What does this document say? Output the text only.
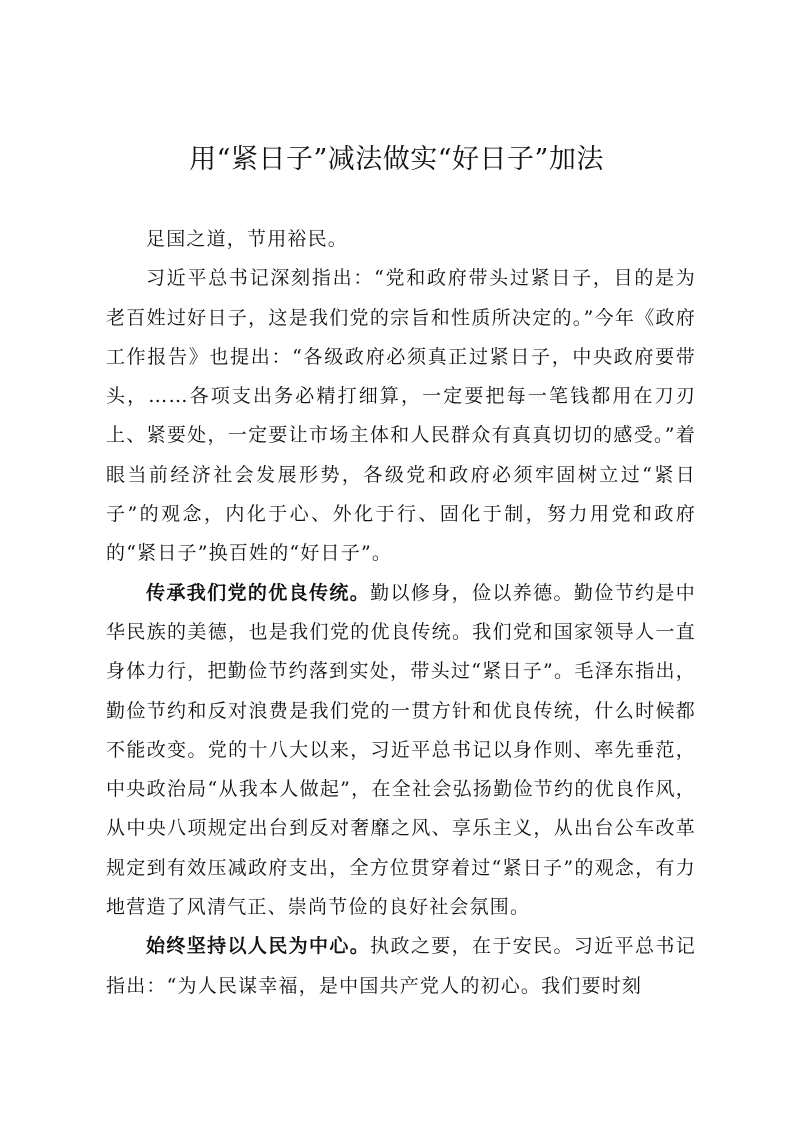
用“紧日子”减法做实“好日子”加法

足国之道，节用裕民。

习近平总书记深刻指出：“党和政府带头过紧日子，目的是为老百姓过好日子，这是我们党的宗旨和性质所决定的。”今年《政府工作报告》也提出：“各级政府必须真正过紧日子，中央政府要带头，……各项支出务必精打细算，一定要把每一笔钱都用在刀刃上、紧要处，一定要让市场主体和人民群众有真真切切的感受。”着眼当前经济社会发展形势，各级党和政府必须牢固树立过“紧日子”的观念，内化于心、外化于行、固化于制，努力用党和政府的“紧日子”换百姓的“好日子”。

传承我们党的优良传统。勤以修身，俭以养德。勤俭节约是中华民族的美德，也是我们党的优良传统。我们党和国家领导人一直身体力行，把勤俭节约落到实处，带头过“紧日子”。毛泽东指出，勤俭节约和反对浪费是我们党的一贯方针和优良传统，什么时候都不能改变。党的十八大以来，习近平总书记以身作则、率先垂范，中央政治局“从我本人做起”，在全社会弘扬勤俭节约的优良作风，从中央八项规定出台到反对奢靡之风、享乐主义，从出台公车改革规定到有效压减政府支出，全方位贯穿着过“紧日子”的观念，有力地营造了风清气正、崇尚节俭的良好社会氛围。

始终坚持以人民为中心。执政之要，在于安民。习近平总书记指出：“为人民谋幸福，是中国共产党人的初心。我们要时刻
